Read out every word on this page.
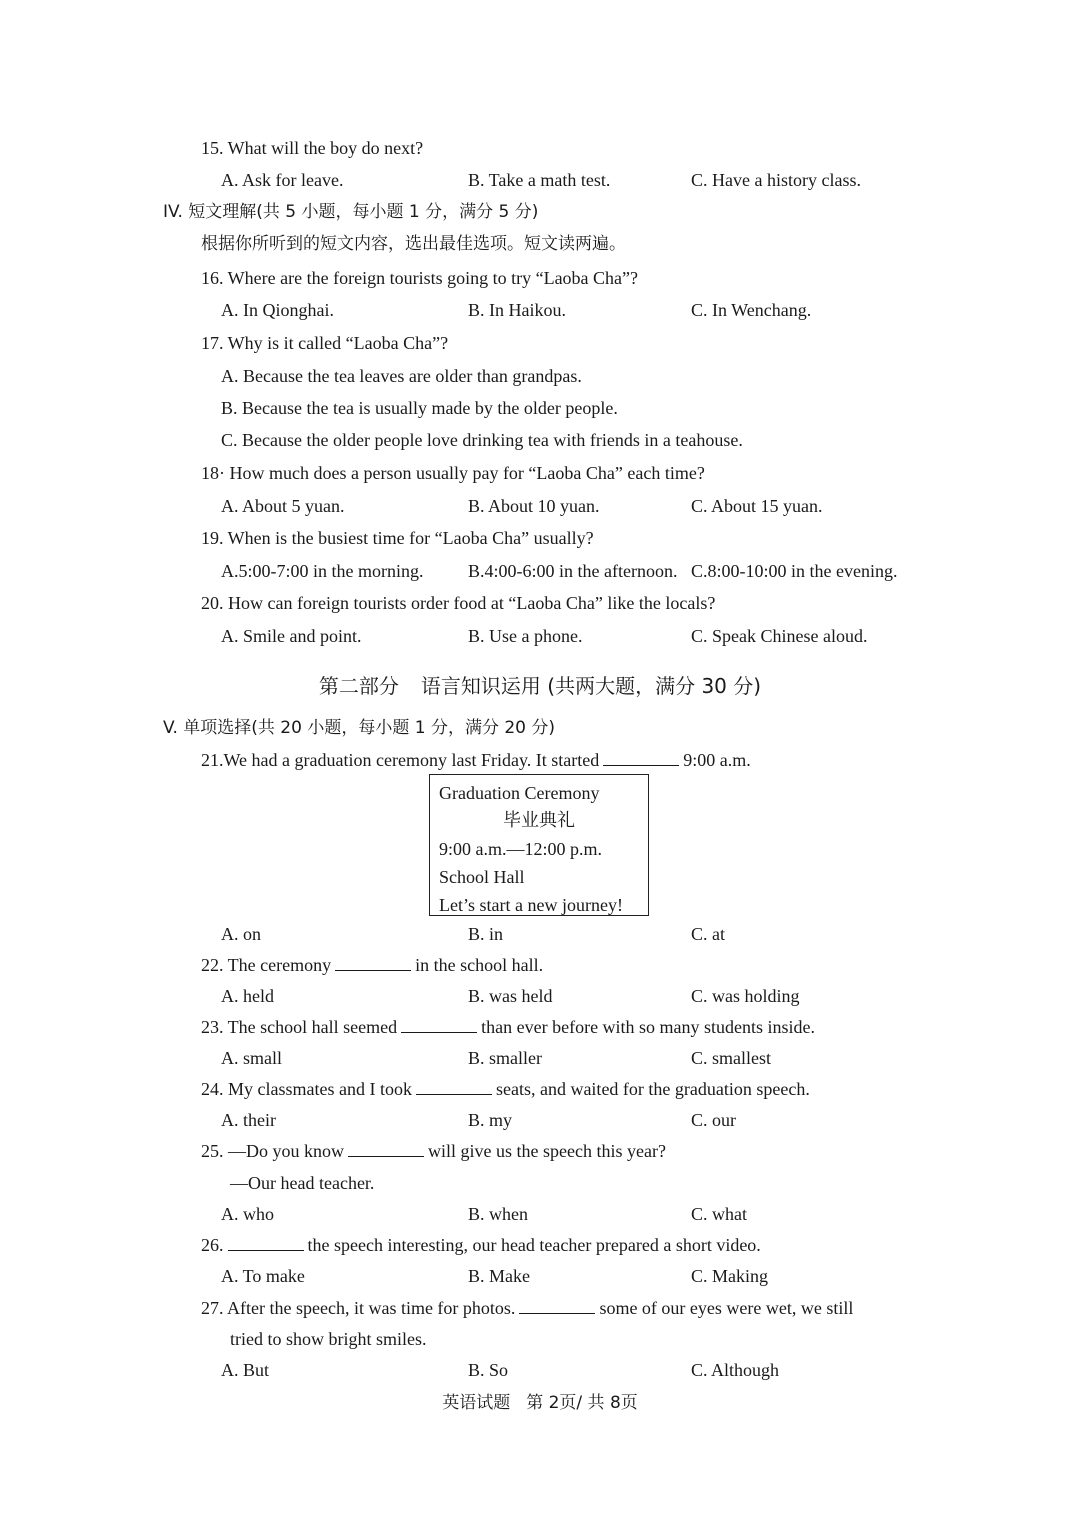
15. What will the boy do next?
A. Ask for leave.	B. Take a math test.	C. Have a history class.
IV. 短文理解(共 5 小题，每小题 1 分，满分 5 分)
根据你所听到的短文内容，选出最佳选项。短文读两遍。
16. Where are the foreign tourists going to try “Laoba Cha”?
A. In Qionghai.	B. In Haikou.	C. In Wenchang.
17. Why is it called “Laoba Cha”?
A. Because the tea leaves are older than grandpas.
B. Because the tea is usually made by the older people.
C. Because the older people love drinking tea with friends in a teahouse.
18· How much does a person usually pay for “Laoba Cha” each time?
A. About 5 yuan.	B. About 10 yuan.	C. About 15 yuan.
19. When is the busiest time for “Laoba Cha” usually?
A.5:00-7:00 in the morning. B.4:00-6:00 in the afternoon. C.8:00-10:00 in the evening.
20. How can foreign tourists order food at “Laoba Cha” like the locals?
A. Smile and point.	B. Use a phone.	C. Speak Chinese aloud.
第二部分 语言知识运用 (共两大题，满分 30 分)
V. 单项选择(共 20 小题，每小题 1 分，满分 20 分)
21.We had a graduation ceremony last Friday. It started	9:00 a.m.
Graduation Ceremony
毕业典礼
9:00 a.m.—12:00 p.m.
School Hall
Let’s start a new journey!
A. on	B. in	C. at
22. The ceremony	in the school hall.
A. held	B. was held	C. was holding
23. The school hall seemed	than ever before with so many students inside.
A. small	B. smaller	C. smallest
24. My classmates and I took	seats, and waited for the graduation speech.
A. their	B. my	C. our
25. —Do you know	will give us the speech this year?
—Our head teacher.
A. who	B. when	C. what
26.	the speech interesting, our head teacher prepared a short video.
A. To make	B. Make	C. Making
27. After the speech, it was time for photos.	some of our eyes were wet, we still
tried to show bright smiles.
A. But	B. So	C. Although
英语试题 第 2页/ 共 8页
